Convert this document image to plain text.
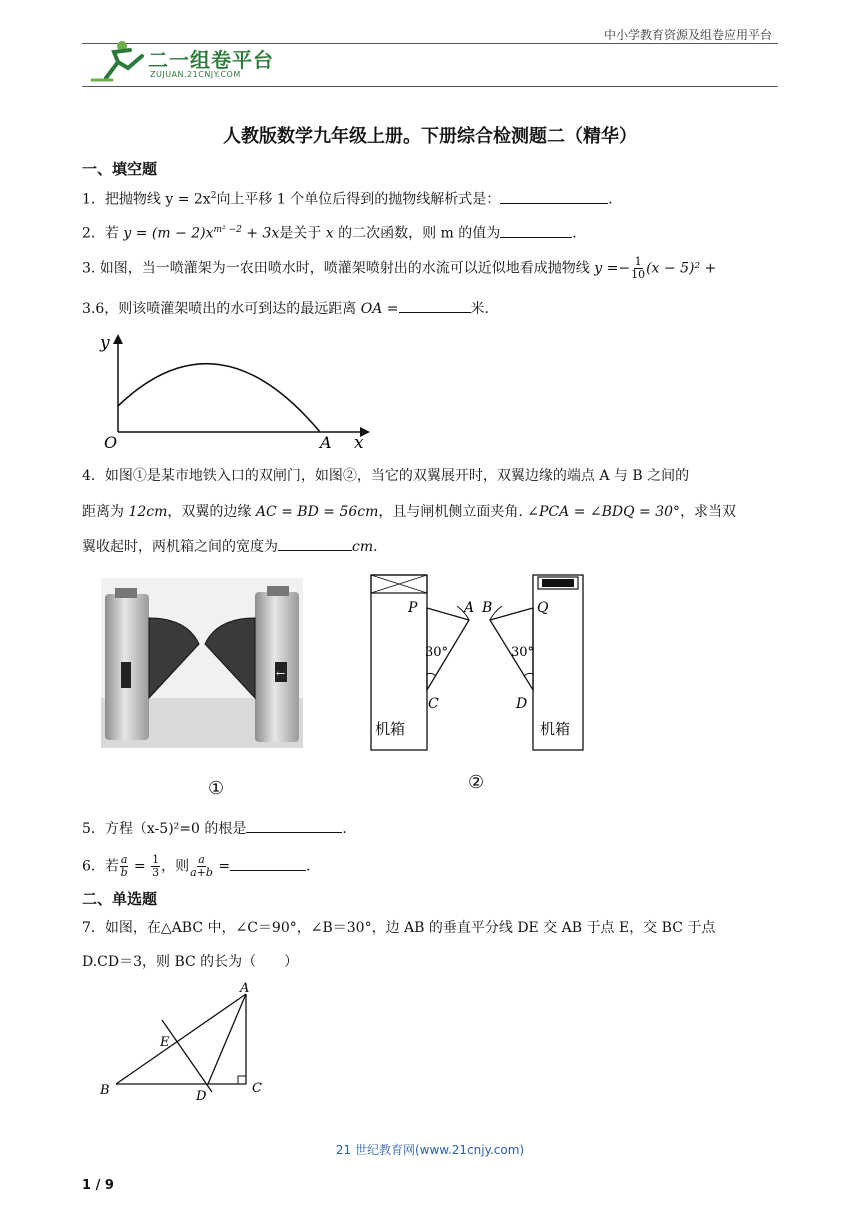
中小学教育资源及组卷应用平台
二一组卷平台
ZUJUAN.21CNJY.COM
人教版数学九年级上册。下册综合检测题二（精华）
一、填空题
1．把抛物线 $y = 2x^2$向上平移 1 个单位后得到的抛物线解析式是：	．
2．若 $y = (m - 2)x^{m^2 -2} + 3x$是关于 x 的二次函数，则 m 的值为	．
3. 如图，当一喷灌架为一农田喷水时，喷灌架喷射出的水流可以近似地看成抛物线 $y =- \frac{1}{10} (x - 5)^2$ +
3.6，则该喷灌架喷出的水可到达的最远距离 OA =	米．
y
x
O	A
4．如图①是某市地铁入口的双闸门，如图②，当它的双翼展开时，双翼边缘的端点 A 与 B 之间的
距离为 12cm，双翼的边缘 AC = BD = 56cm，且与闸机侧立面夹角. ∠PCA = ∠BDQ = 30°，求当双
翼收起时，两机箱之间的宽度为	cm．
←
①
P	A B	Q
C	D
30°	30°
机箱	机箱
②
5．方程（x-5)²=0 的根是	．
6．若 $\frac{a}{b} = \frac{1}{3}$ ，则 $\frac{a}{a+b}$ =	．
二、单选题
7．如图，在△ABC 中，∠C＝90°，∠B＝30°，边 AB 的垂直平分线 DE 交 AB 于点 E，交 BC 于点
D.CD＝3，则 BC 的长为（　　）
A
B	C
D
E
21 世纪教育网(www.21cnjy.com)
1 / 9
